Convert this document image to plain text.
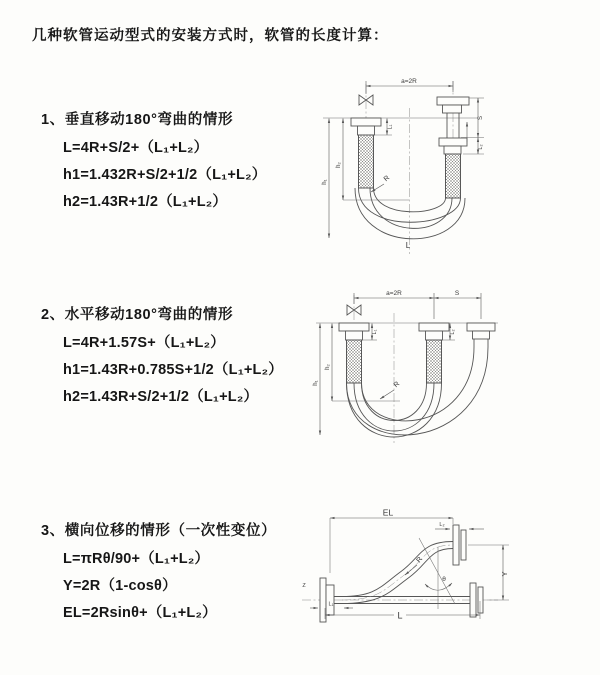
几种软管运动型式的安装方式时，软管的长度计算：
1、垂直移动180°弯曲的情形
L=4R+S/2+（L₁+L₂）
h1=1.432R+S/2+1/2（L₁+L₂）
h2=1.43R+1/2（L₁+L₂）
2、水平移动180°弯曲的情形
L=4R+1.57S+（L₁+L₂）
h1=1.43R+0.785S+1/2（L₁+L₂）
h2=1.43R+S/2+1/2（L₁+L₂）
3、横向位移的情形（一次性变位）
L=πRθ/90+（L₁+L₂）
Y=2R（1-cosθ）
EL=2Rsinθ+（L₁+L₂）
a=2R
h₁
h₂
L₁
S
L₂
R
L
a=2R	S
h₁
h₂
L₁	L₂
R
EL
L₂
Y
θ
R
L₁
L
Z
